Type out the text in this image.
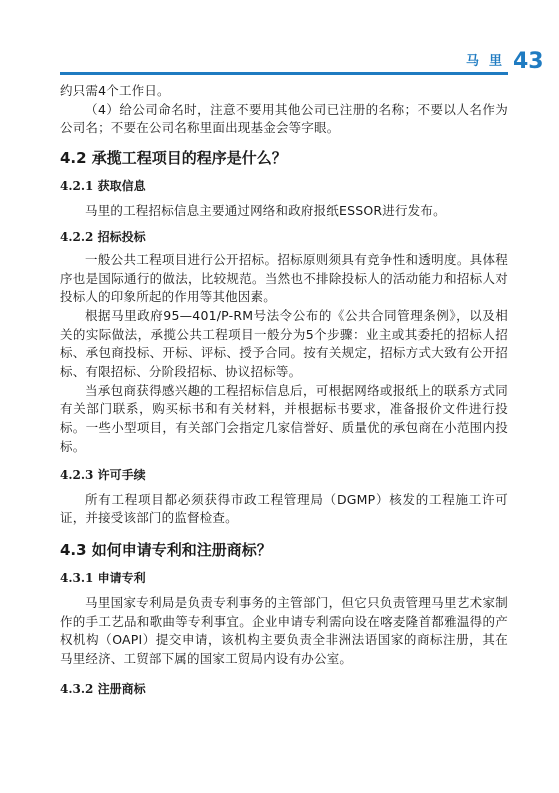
马里 43

约只需4个工作日。

（4）给公司命名时，注意不要用其他公司已注册的名称；不要以人名作为公司名；不要在公司名称里面出现基金会等字眼。

4.2 承揽工程项目的程序是什么？
4.2.1 获取信息

马里的工程招标信息主要通过网络和政府报纸ESSOR进行发布。

4.2.2 招标投标

一般公共工程项目进行公开招标。招标原则须具有竞争性和透明度。具体程序也是国际通行的做法，比较规范。当然也不排除投标人的活动能力和招标人对投标人的印象所起的作用等其他因素。

根据马里政府95—401/P-RM号法令公布的《公共合同管理条例》，以及相关的实际做法，承揽公共工程项目一般分为5个步骤：业主或其委托的招标人招标、承包商投标、开标、评标、授予合同。按有关规定，招标方式大致有公开招标、有限招标、分阶段招标、协议招标等。

当承包商获得感兴趣的工程招标信息后，可根据网络或报纸上的联系方式同有关部门联系，购买标书和有关材料，并根据标书要求，准备报价文件进行投标。一些小型项目，有关部门会指定几家信誉好、质量优的承包商在小范围内投标。

4.2.3 许可手续

所有工程项目都必须获得市政工程管理局（DGMP）核发的工程施工许可证，并接受该部门的监督检查。

4.3 如何申请专利和注册商标？
4.3.1 申请专利

马里国家专利局是负责专利事务的主管部门，但它只负责管理马里艺术家制作的手工艺品和歌曲等专利事宜。企业申请专利需向设在喀麦隆首都雅温得的产权机构（OAPI）提交申请，该机构主要负责全非洲法语国家的商标注册，其在马里经济、工贸部下属的国家工贸局内设有办公室。

4.3.2 注册商标
